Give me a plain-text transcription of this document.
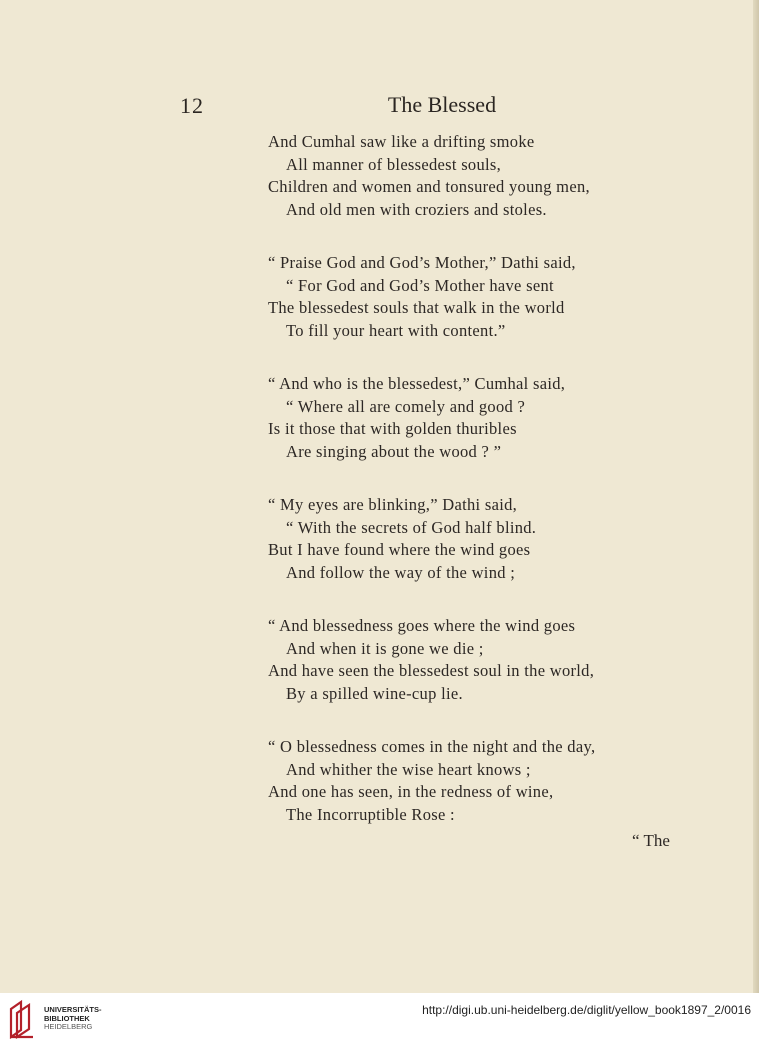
12	The Blessed
And Cumhal saw like a drifting smoke
All manner of blessedest souls,
Children and women and tonsured young men,
And old men with croziers and stoles.
“ Praise God and God’s Mother,” Dathi said,
“ For God and God’s Mother have sent
The blessedest souls that walk in the world
To fill your heart with content.”
“ And who is the blessedest,” Cumhal said,
“ Where all are comely and good ?
Is it those that with golden thuribles
Are singing about the wood ? ”
“ My eyes are blinking,” Dathi said,
“ With the secrets of God half blind.
But I have found where the wind goes
And follow the way of the wind ;
“ And blessedness goes where the wind goes
And when it is gone we die ;
And have seen the blessedest soul in the world,
By a spilled wine-cup lie.
“ O blessedness comes in the night and the day,
And whither the wise heart knows ;
And one has seen, in the redness of wine,
The Incorruptible Rose :
“ The
UNIVERSITÄTS-
BIBLIOTHEK
HEIDELBERG
http://digi.ub.uni-heidelberg.de/diglit/yellow_book1897_2/0016
